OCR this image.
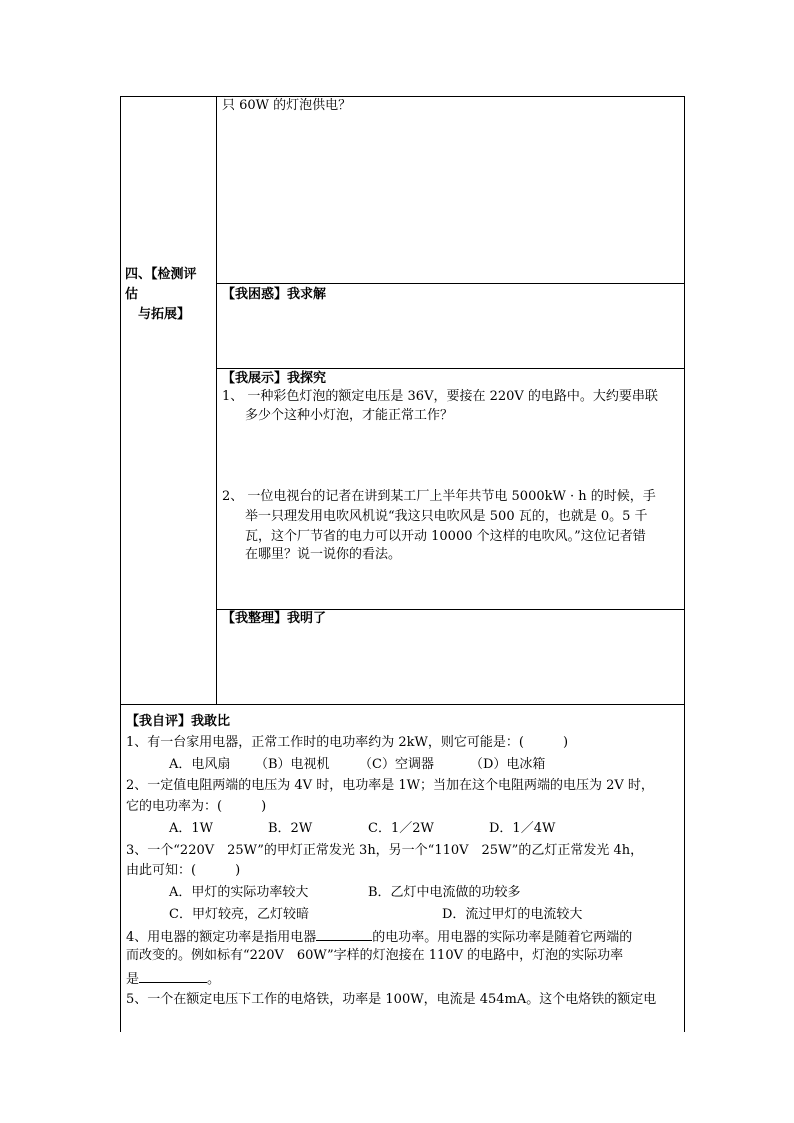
四、【检测评
估
与拓展】
只 60W 的灯泡供电？
【我困惑】我求解
【我展示】我探究
1、 一种彩色灯泡的额定电压是 36V，要接在 220V 的电路中。大约要串联
多少个这种小灯泡，才能正常工作？
2、 一位电视台的记者在讲到某工厂上半年共节电 5000kW · h 的时候，手
举一只理发用电吹风机说“我这只电吹风是 500 瓦的，也就是 0。5 千
瓦，这个厂节省的电力可以开动 10000 个这样的电吹风。”这位记者错
在哪里？说一说你的看法。
【我整理】我明了
【我自评】我敢比
1、有一台家用电器，正常工作时的电功率约为 2kW，则它可能是：(　　　)
A．电风扇 （B）电视机 （C）空调器	（D）电冰箱
2、一定值电阻两端的电压为 4V 时，电功率是 1W；当加在这个电阻两端的电压为 2V 时，
它的电功率为：(　　　)
A．1W	B．2W	C．1／2W	D．1／4W
3、一个“220V　25W”的甲灯正常发光 3h，另一个“110V　25W”的乙灯正常发光 4h，
由此可知：(　　　)
A．甲灯的实际功率较大	B．乙灯中电流做的功较多
C．甲灯较亮，乙灯较暗	D．流过甲灯的电流较大
4、用电器的额定功率是指用电器	的电功率。用电器的实际功率是随着它两端的
而改变的。例如标有“220V　60W”字样的灯泡接在 110V 的电路中，灯泡的实际功率
是	。
5、一个在额定电压下工作的电烙铁，功率是 100W，电流是 454mA。这个电烙铁的额定电
